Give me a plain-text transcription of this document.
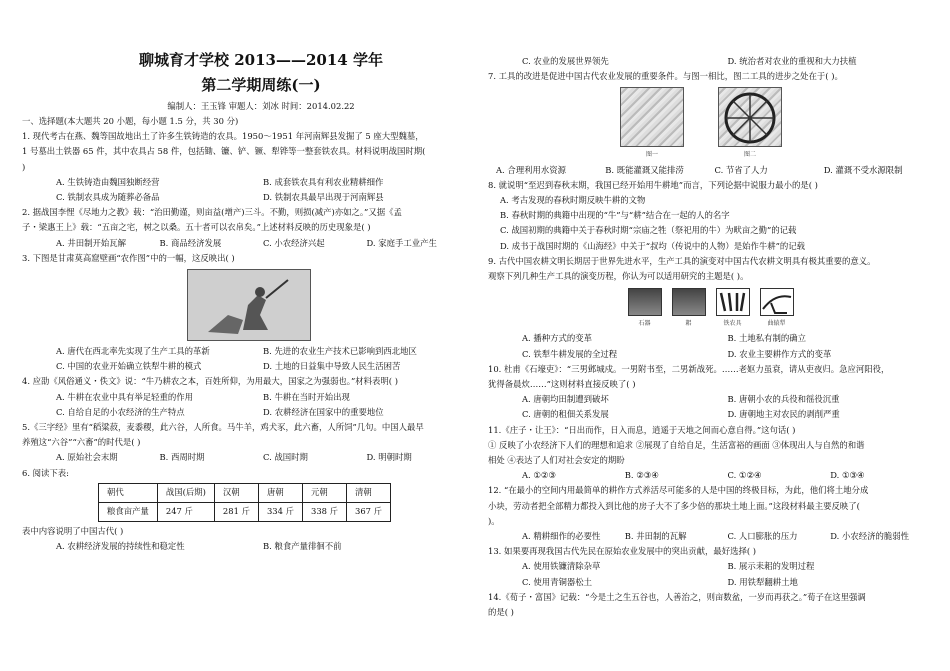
聊城育才学校 2013——2014 学年
第二学期周练(一)
编制人：王玉锋 审题人：刘冰 时间：2014.02.22
一、选择题(本大题共 20 小题，每小题 1.5 分，共 30 分)
1. 现代考古在燕、魏等国故地出土了许多生铁铸造的农具。1950～1951 年河南辉县发掘了 5 座大型魏墓，
1 号墓出土铁器 65 件，其中农具占 58 件，包括锄、镰、铲、镢、犁铧等一整套铁农具。材料说明战国时期(
)
A. 生铁铸造由魏国独断经营	B. 成套铁农具有利农业精耕细作
C. 铁制农具成为随葬必备品	D. 铁制农具最早出现于河南辉县
2. 据战国李悝《尽地力之教》载：“治田勤谨，则亩益(增产)三斗。不勤，则损(减产)亦如之。”又据《孟
子・梁惠王上》载：“五亩之宅，树之以桑。五十者可以衣帛矣。”上述材料反映的历史现象是( )
A. 井田制开始瓦解	B. 商品经济发展	C. 小农经济兴起	D. 家庭手工业产生
3. 下图是甘肃莫高窟壁画“农作图”中的一幅，这反映出( )
A. 唐代在西北率先实现了生产工具的革新	B. 先进的农业生产技术已影响到西北地区
C. 中国的农业开始确立铁犁牛耕的模式	D. 土地的日益集中导致人民生活困苦
4. 应劭《风俗通义・佚文》说：“牛乃耕农之本，百姓所仰，为用最大，国家之为强弱也。”材料表明( )
A. 牛耕在农业中具有举足轻重的作用	B. 牛耕在当时开始出现
C. 自给自足的小农经济的生产特点	D. 农耕经济在国家中的重要地位
5.《三字经》里有“稻粱菽，麦黍稷，此六谷，人所食。马牛羊，鸡犬豕，此六畜，人所饲”几句。中国人最早
养殖这“六谷”“六畜”的时代是( )
A. 原始社会末期	B. 西周时期	C. 战国时期	D. 明朝时期
6. 阅读下表:
朝代	战国(后期)	汉朝	唐朝	元朝	清朝
粮食亩产量	247 斤	281 斤	334 斤	338 斤	367 斤
表中内容说明了中国古代( )
A. 农耕经济发展的持续性和稳定性	B. 粮食产量徘徊不前
C. 农业的发展世界领先	D. 统治者对农业的重视和大力扶植
7. 工具的改进是促进中国古代农业发展的重要条件。与图一相比，图二工具的进步之处在于( )。
图一	图二
A. 合理利用水资源	B. 既能灌溉又能排涝	C. 节省了人力	D. 灌溉不受水源限制
8. 就说明“至迟到春秋末期，我国已经开始用牛耕地”而言，下列论据中说服力最小的是( )
A. 考古发现的春秋时期反映牛耕的文物
B. 春秋时期的典籍中出现的“牛”与“耕”结合在一起的人的名字
C. 战国初期的典籍中关于春秋时期“宗庙之牲（祭祀用的牛）为畎亩之勤”的记载
D. 成书于战国时期的《山海经》中关于“叔均（传说中的人物）是始作牛耕”的记载
9. 古代中国农耕文明长期居于世界先进水平，生产工具的演变对中国古代农耕文明具有极其重要的意义。
观察下列几种生产工具的演变历程，你认为可以适用研究的主题是( )。
石器	耜	铁农具	曲辕犁
A. 播种方式的变革	B. 土地私有制的确立
C. 铁犁牛耕发展的全过程	D. 农业主要耕作方式的变革
10. 杜甫《石壕吏》：“三男邺城戍。一男附书至，二男新战死。……老妪力虽衰，请从吏夜归。急应河阳役，
犹得备晨炊……”这则材料直接反映了( )
A. 唐朝均田制遭到破坏	B. 唐朝小农的兵役和徭役沉重
C. 唐朝的租佃关系发展	D. 唐朝地主对农民的剥削严重
11.《庄子・让王》：“日出而作，日入而息，逍遥于天地之间而心意自得。”这句话( )
① 反映了小农经济下人们的理想和追求 ②展现了自给自足，生活富裕的画面 ③体现出人与自然的和谐
相处 ④表达了人们对社会安定的期盼
A. ①②③	B. ②③④	C. ①②④	D. ①③④
12. “在最小的空间内用最简单的耕作方式养活尽可能多的人是中国的终极目标，为此，他们将土地分成
小块，劳动者把全部精力都投入到比他的房子大不了多少倍的那块土地上面。”这段材料最主要反映了(
)。
A. 精耕细作的必要性	B. 井田制的瓦解	C. 人口膨胀的压力	D. 小农经济的脆弱性
13. 如果要再现我国古代先民在原始农业发展中的突出贡献，最好选择( )
A. 使用铁镰清除杂草	B. 展示耒耜的发明过程
C. 使用青铜器松土	D. 用铁犁翻耕土地
14.《荀子・富国》记载：“今是土之生五谷也，人善治之，则亩数盆，一岁而再获之。”荀子在这里强调
的是( )
